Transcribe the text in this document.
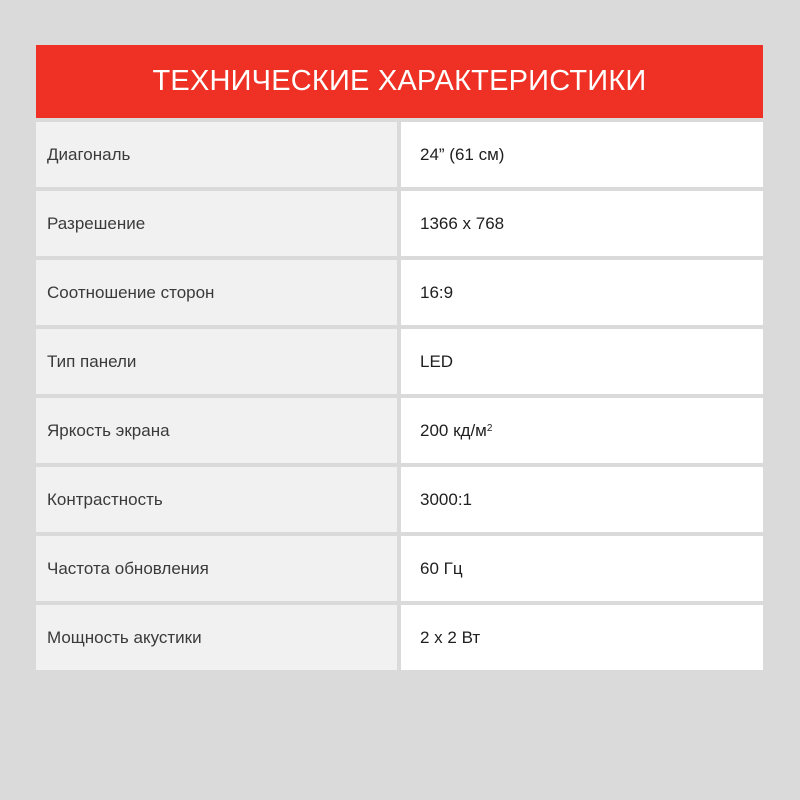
ТЕХНИЧЕСКИЕ ХАРАКТЕРИСТИКИ
Диагональ	24” (61 см)
Разрешение	1366 x 768
Соотношение сторон	16:9
Тип панели	LED
Яркость экрана	200 $кд/м^2$
Контрастность	3000:1
Частота обновления	60 Гц
Мощность акустики	2 x 2 Вт
